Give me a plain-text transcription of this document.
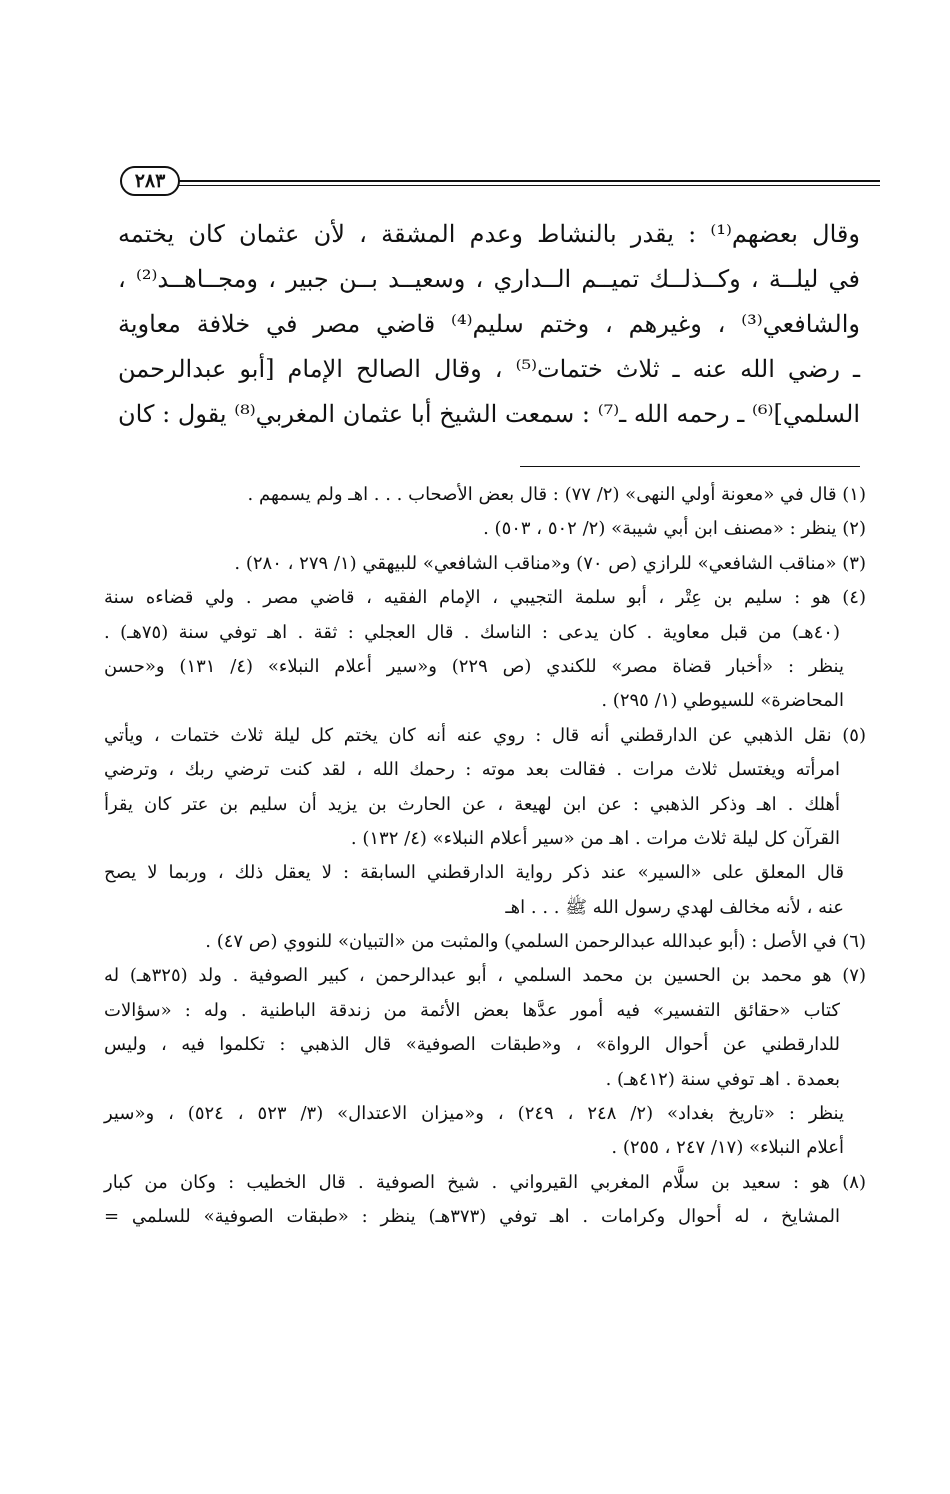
٢٨٣
وقال بعضهم⁽¹⁾ : يقدر بالنشاط وعدم المشقة ، لأن عثمان كان يختمه
في ليلــة ، وكــذلــك تميــم الــداري ، وسعيــد بــن جبير ، ومجــاهــد⁽²⁾ ،
والشافعي⁽³⁾ ، وغيرهم ، وختم سليم⁽⁴⁾ قاضي مصر في خلافة معاوية
ـ رضي الله عنه ـ ثلاث ختمات⁽⁵⁾ ، وقال الصالح الإمام [أبو عبدالرحمن
السلمي]⁽⁶⁾ ـ رحمه الله ـ⁽⁷⁾ : سمعت الشيخ أبا عثمان المغربي⁽⁸⁾ يقول : كان
(١) قال في «معونة أولي النهى» (٢/ ٧٧) : قال بعض الأصحاب . . . اهـ ولم يسمهم .
(٢) ينظر : «مصنف ابن أبي شيبة» (٢/ ٥٠٢ ، ٥٠٣) .
(٣) «مناقب الشافعي» للرازي (ص ٧٠) و«مناقب الشافعي» للبيهقي (١/ ٢٧٩ ، ٢٨٠) .
(٤) هو : سليم بن عِتْر ، أبو سلمة التجيبي ، الإمام الفقيه ، قاضي مصر . ولي قضاءه سنة
(٤٠هـ) من قبل معاوية . كان يدعى : الناسك . قال العجلي : ثقة . اهـ توفي سنة (٧٥هـ) .
ينظر : «أخبار قضاة مصر» للكندي (ص ٢٢٩) و«سير أعلام النبلاء» (٤/ ١٣١) و«حسن
المحاضرة» للسيوطي (١/ ٢٩٥) .
(٥) نقل الذهبي عن الدارقطني أنه قال : روي عنه أنه كان يختم كل ليلة ثلاث ختمات ، ويأتي
امرأته ويغتسل ثلاث مرات . فقالت بعد موته : رحمك الله ، لقد كنت ترضي ربك ، وترضي
أهلك . اهـ وذكر الذهبي : عن ابن لهيعة ، عن الحارث بن يزيد أن سليم بن عتر كان يقرأ
القرآن كل ليلة ثلاث مرات . اهـ من «سير أعلام النبلاء» (٤/ ١٣٢) .
قال المعلق على «السير» عند ذكر رواية الدارقطني السابقة : لا يعقل ذلك ، وربما لا يصح
عنه ، لأنه مخالف لهدي رسول الله ﷺ . . . اهـ
(٦) في الأصل : (أبو عبدالله عبدالرحمن السلمي) والمثبت من «التبيان» للنووي (ص ٤٧) .
(٧) هو محمد بن الحسين بن محمد السلمي ، أبو عبدالرحمن ، كبير الصوفية . ولد (٣٢٥هـ) له
كتاب «حقائق التفسير» فيه أمور عدَّها بعض الأئمة من زندقة الباطنية . وله : «سؤالات
للدارقطني عن أحوال الرواة» ، و«طبقات الصوفية» قال الذهبي : تكلموا فيه ، وليس
بعمدة . اهـ توفي سنة (٤١٢هـ) .
ينظر : «تاريخ بغداد» (٢/ ٢٤٨ ، ٢٤٩) ، و«ميزان الاعتدال» (٣/ ٥٢٣ ، ٥٢٤) ، و«سير
أعلام النبلاء» (١٧/ ٢٤٧ ، ٢٥٥) .
(٨) هو : سعيد بن سلَّام المغربي القيرواني . شيخ الصوفية . قال الخطيب : وكان من كبار
المشايخ ، له أحوال وكرامات . اهـ توفي (٣٧٣هـ) ينظر : «طبقات الصوفية» للسلمي =
